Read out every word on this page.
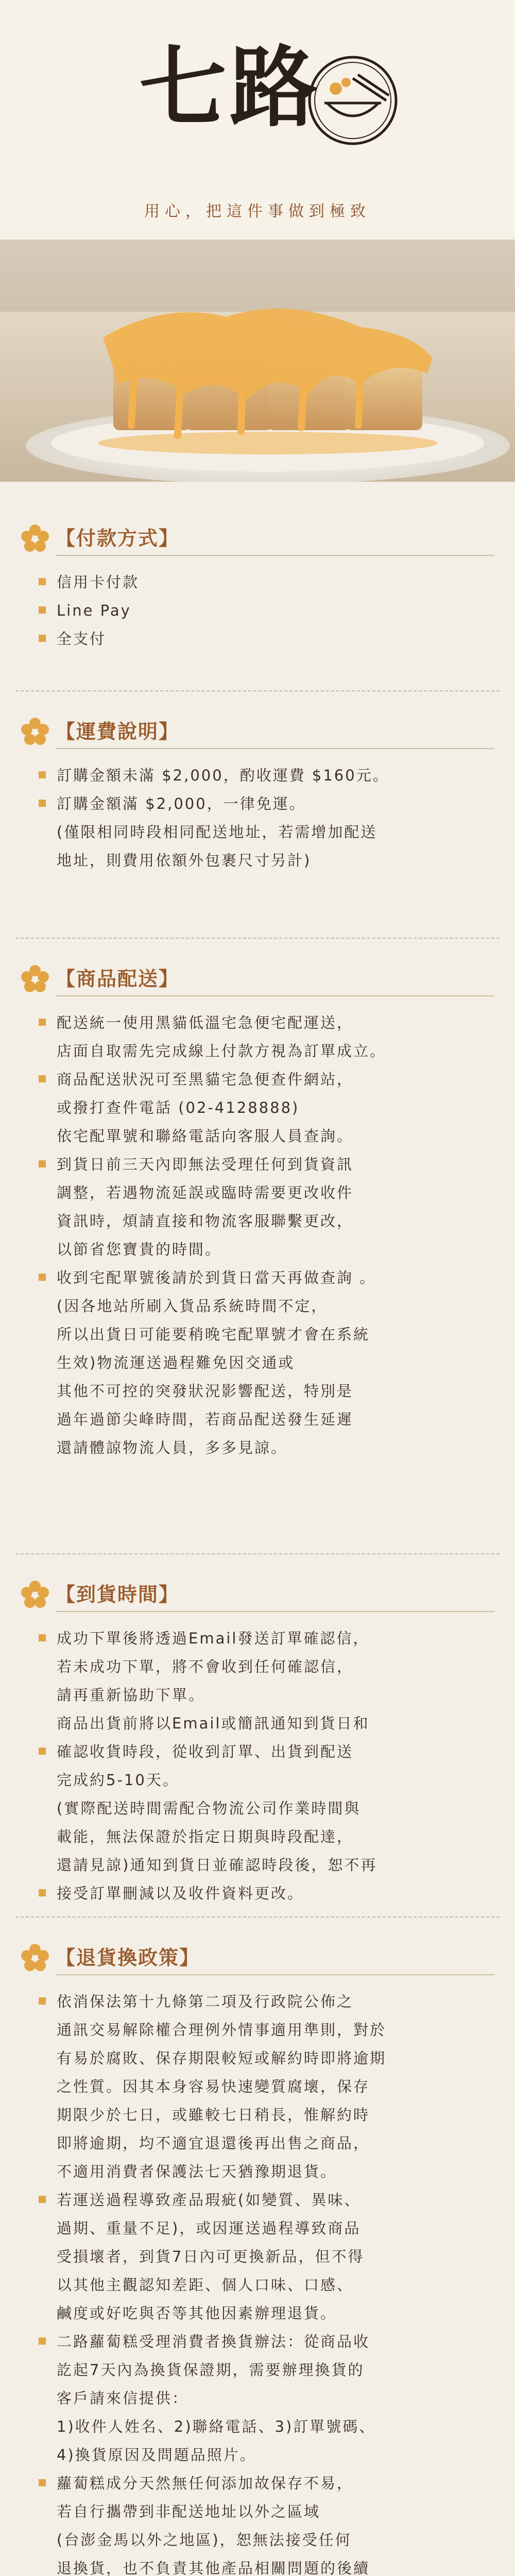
七路
用心，把這件事做到極致
【付款方式】
信用卡付款
Line Pay
全支付
【運費說明】
訂購金額未滿 $2,000，酌收運費 $160元。
訂購金額滿 $2,000，一律免運。
(僅限相同時段相同配送地址，若需增加配送
地址，則費用依額外包裹尺寸另計)
【商品配送】
配送統一使用黑貓低溫宅急便宅配運送，
店面自取需先完成線上付款方視為訂單成立。
商品配送狀況可至黑貓宅急便查件網站，
或撥打查件電話 (02-4128888)
依宅配單號和聯絡電話向客服人員查詢。
到貨日前三天內即無法受理任何到貨資訊
調整，若遇物流延誤或臨時需要更改收件
資訊時，煩請直接和物流客服聯繫更改，
以節省您寶貴的時間。
收到宅配單號後請於到貨日當天再做查詢 。
(因各地站所刷入貨品系統時間不定，
所以出貨日可能要稍晚宅配單號才會在系統
生效)物流運送過程難免因交通或
其他不可控的突發狀況影響配送，特別是
過年過節尖峰時間，若商品配送發生延遲
還請體諒物流人員，多多見諒。
【到貨時間】
成功下單後將透過Email發送訂單確認信，
若未成功下單，將不會收到任何確認信，
請再重新協助下單。
商品出貨前將以Email或簡訊通知到貨日和
確認收貨時段，從收到訂單、出貨到配送
完成約5-10天。
(實際配送時間需配合物流公司作業時間與
載能，無法保證於指定日期與時段配達，
還請見諒)通知到貨日並確認時段後，恕不再
接受訂單刪減以及收件資料更改。
【退貨換政策】
依消保法第十九條第二項及行政院公佈之
通訊交易解除權合理例外情事適用準則，對於
有易於腐敗、保存期限較短或解約時即將逾期
之性質。因其本身容易快速變質腐壞，保存
期限少於七日，或雖較七日稍長，惟解約時
即將逾期，均不適宜退還後再出售之商品，
不適用消費者保護法七天猶豫期退貨。
若運送過程導致產品瑕疵(如變質、異味、
過期、重量不足)，或因運送過程導致商品
受損壞者，到貨7日內可更換新品，但不得
以其他主觀認知差距、個人口味、口感、
鹹度或好吃與否等其他因素辦理退貨。
二路蘿蔔糕受理消費者換貨辦法：從商品收
訖起7天內為換貨保證期，需要辦理換貨的
客戶請來信提供：
1)收件人姓名、2)聯絡電話、3)訂單號碼、
4)換貨原因及問題品照片。
蘿蔔糕成分天然無任何添加故保存不易，
若自行攜帶到非配送地址以外之區域
(台澎金馬以外之地區)，恕無法接受任何
退換貨，也不負責其他產品相關問題的後續
